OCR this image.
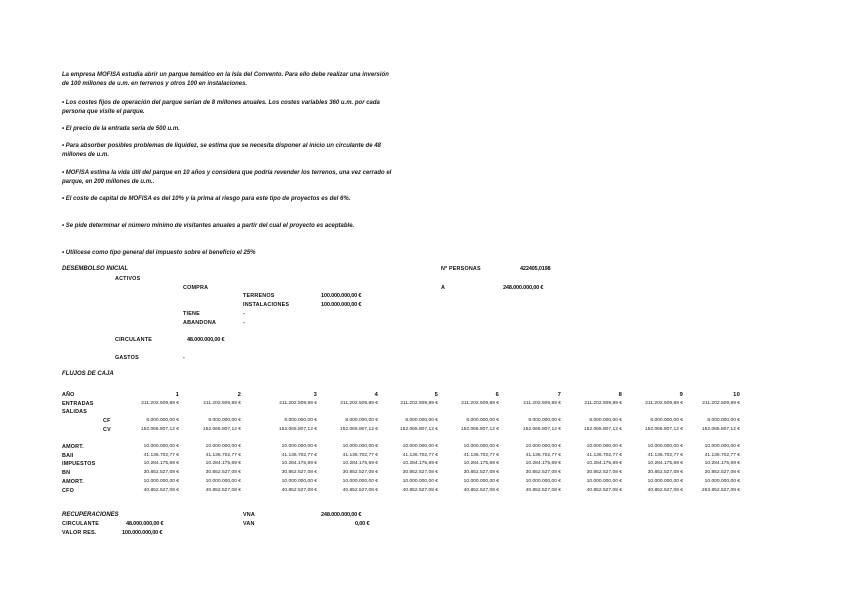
La empresa MOFISA estudia abrir un parque temático en la Isla del Convento. Para ello debe realizar una inversión de 100 millones de u.m. en terrenos y otros 100 en instalaciones.
• Los costes fijos de operación del parque serían de 8 millones anuales. Los costes variables 360 u.m. por cada persona que visite el parque.
• El precio de la entrada sería de 500 u.m.
• Para absorber posibles problemas de liquidez, se estima que se necesita disponer al inicio un circulante de 48 millones de u.m.
• MOFISA estima la vida útil del parque en 10 años y considera que podría revender los terrenos, una vez cerrado el parque, en 200 millones de u.m..
• El coste de capital de MOFISA es del 10% y la prima al riesgo para este tipo de proyectos es del 6%.
• Se pide determinar el número mínimo de visitantes anuales a partir del cual el proyecto es aceptable.
• Utilícese como tipo general del impuesto sobre el beneficio el 25%
DESEMBOLSO INICIAL
ACTIVOS
COMPRA
TERRENOS	100.000.000,00 €
INSTALACIONES	100.000.000,00 €
TIENE	-
ABANDONA	-
CIRCULANTE	48.000.000,00 €
GASTOS	-
Nº PERSONAS	422405,0198
A	248.000.000,00 €
FLUJOS DE CAJA
AÑO	1	2	3	4	5	6	7	8	9	10
ENTRADAS	211.202.509,89 €	211.202.509,89 €	211.202.509,89 €	211.202.509,89 €	211.202.509,89 €	211.202.509,89 €	211.202.509,89 €	211.202.509,89 €	211.202.509,89 €	211.202.509,89 €
SALIDAS
CF	8.000.000,00 €	8.000.000,00 €	8.000.000,00 €	8.000.000,00 €	8.000.000,00 €	8.000.000,00 €	8.000.000,00 €	8.000.000,00 €	8.000.000,00 €	8.000.000,00 €
CV	152.065.807,12 €	152.065.807,12 €	152.065.807,12 €	152.065.807,12 €	152.065.807,12 €	152.065.807,12 €	152.065.807,12 €	152.065.807,12 €	152.065.807,12 €	152.065.807,12 €
AMORT.	10.000.000,00 €	10.000.000,00 €	10.000.000,00 €	10.000.000,00 €	10.000.000,00 €	10.000.000,00 €	10.000.000,00 €	10.000.000,00 €	10.000.000,00 €	10.000.000,00 €
BAII	41.136.702,77 €	41.136.702,77 €	41.136.702,77 €	41.136.702,77 €	41.136.702,77 €	41.136.702,77 €	41.136.702,77 €	41.136.702,77 €	41.136.702,77 €	41.136.702,77 €
IMPUESTOS	10.284.175,69 €	10.284.175,69 €	10.284.175,69 €	10.284.175,69 €	10.284.175,69 €	10.284.175,69 €	10.284.175,69 €	10.284.175,69 €	10.284.175,69 €	10.284.175,69 €
BN	30.852.527,08 €	30.852.527,08 €	30.852.527,08 €	30.852.527,08 €	30.852.527,08 €	30.852.527,08 €	30.852.527,08 €	30.852.527,08 €	30.852.527,08 €	30.852.527,08 €
AMORT.	10.000.000,00 €	10.000.000,00 €	10.000.000,00 €	10.000.000,00 €	10.000.000,00 €	10.000.000,00 €	10.000.000,00 €	10.000.000,00 €	10.000.000,00 €	10.000.000,00 €
CFO	40.852.527,08 €	40.852.527,08 €	40.852.527,08 €	40.852.527,08 €	40.852.527,08 €	40.852.527,08 €	40.852.527,08 €	40.852.527,08 €	40.852.527,08 €	263.852.527,08 €
RECUPERACIONES
CIRCULANTE	48.000.000,00 €
VALOR RES.	100.000.000,00 €
VNA	248.000.000,00 €
VAN	0,00 €
